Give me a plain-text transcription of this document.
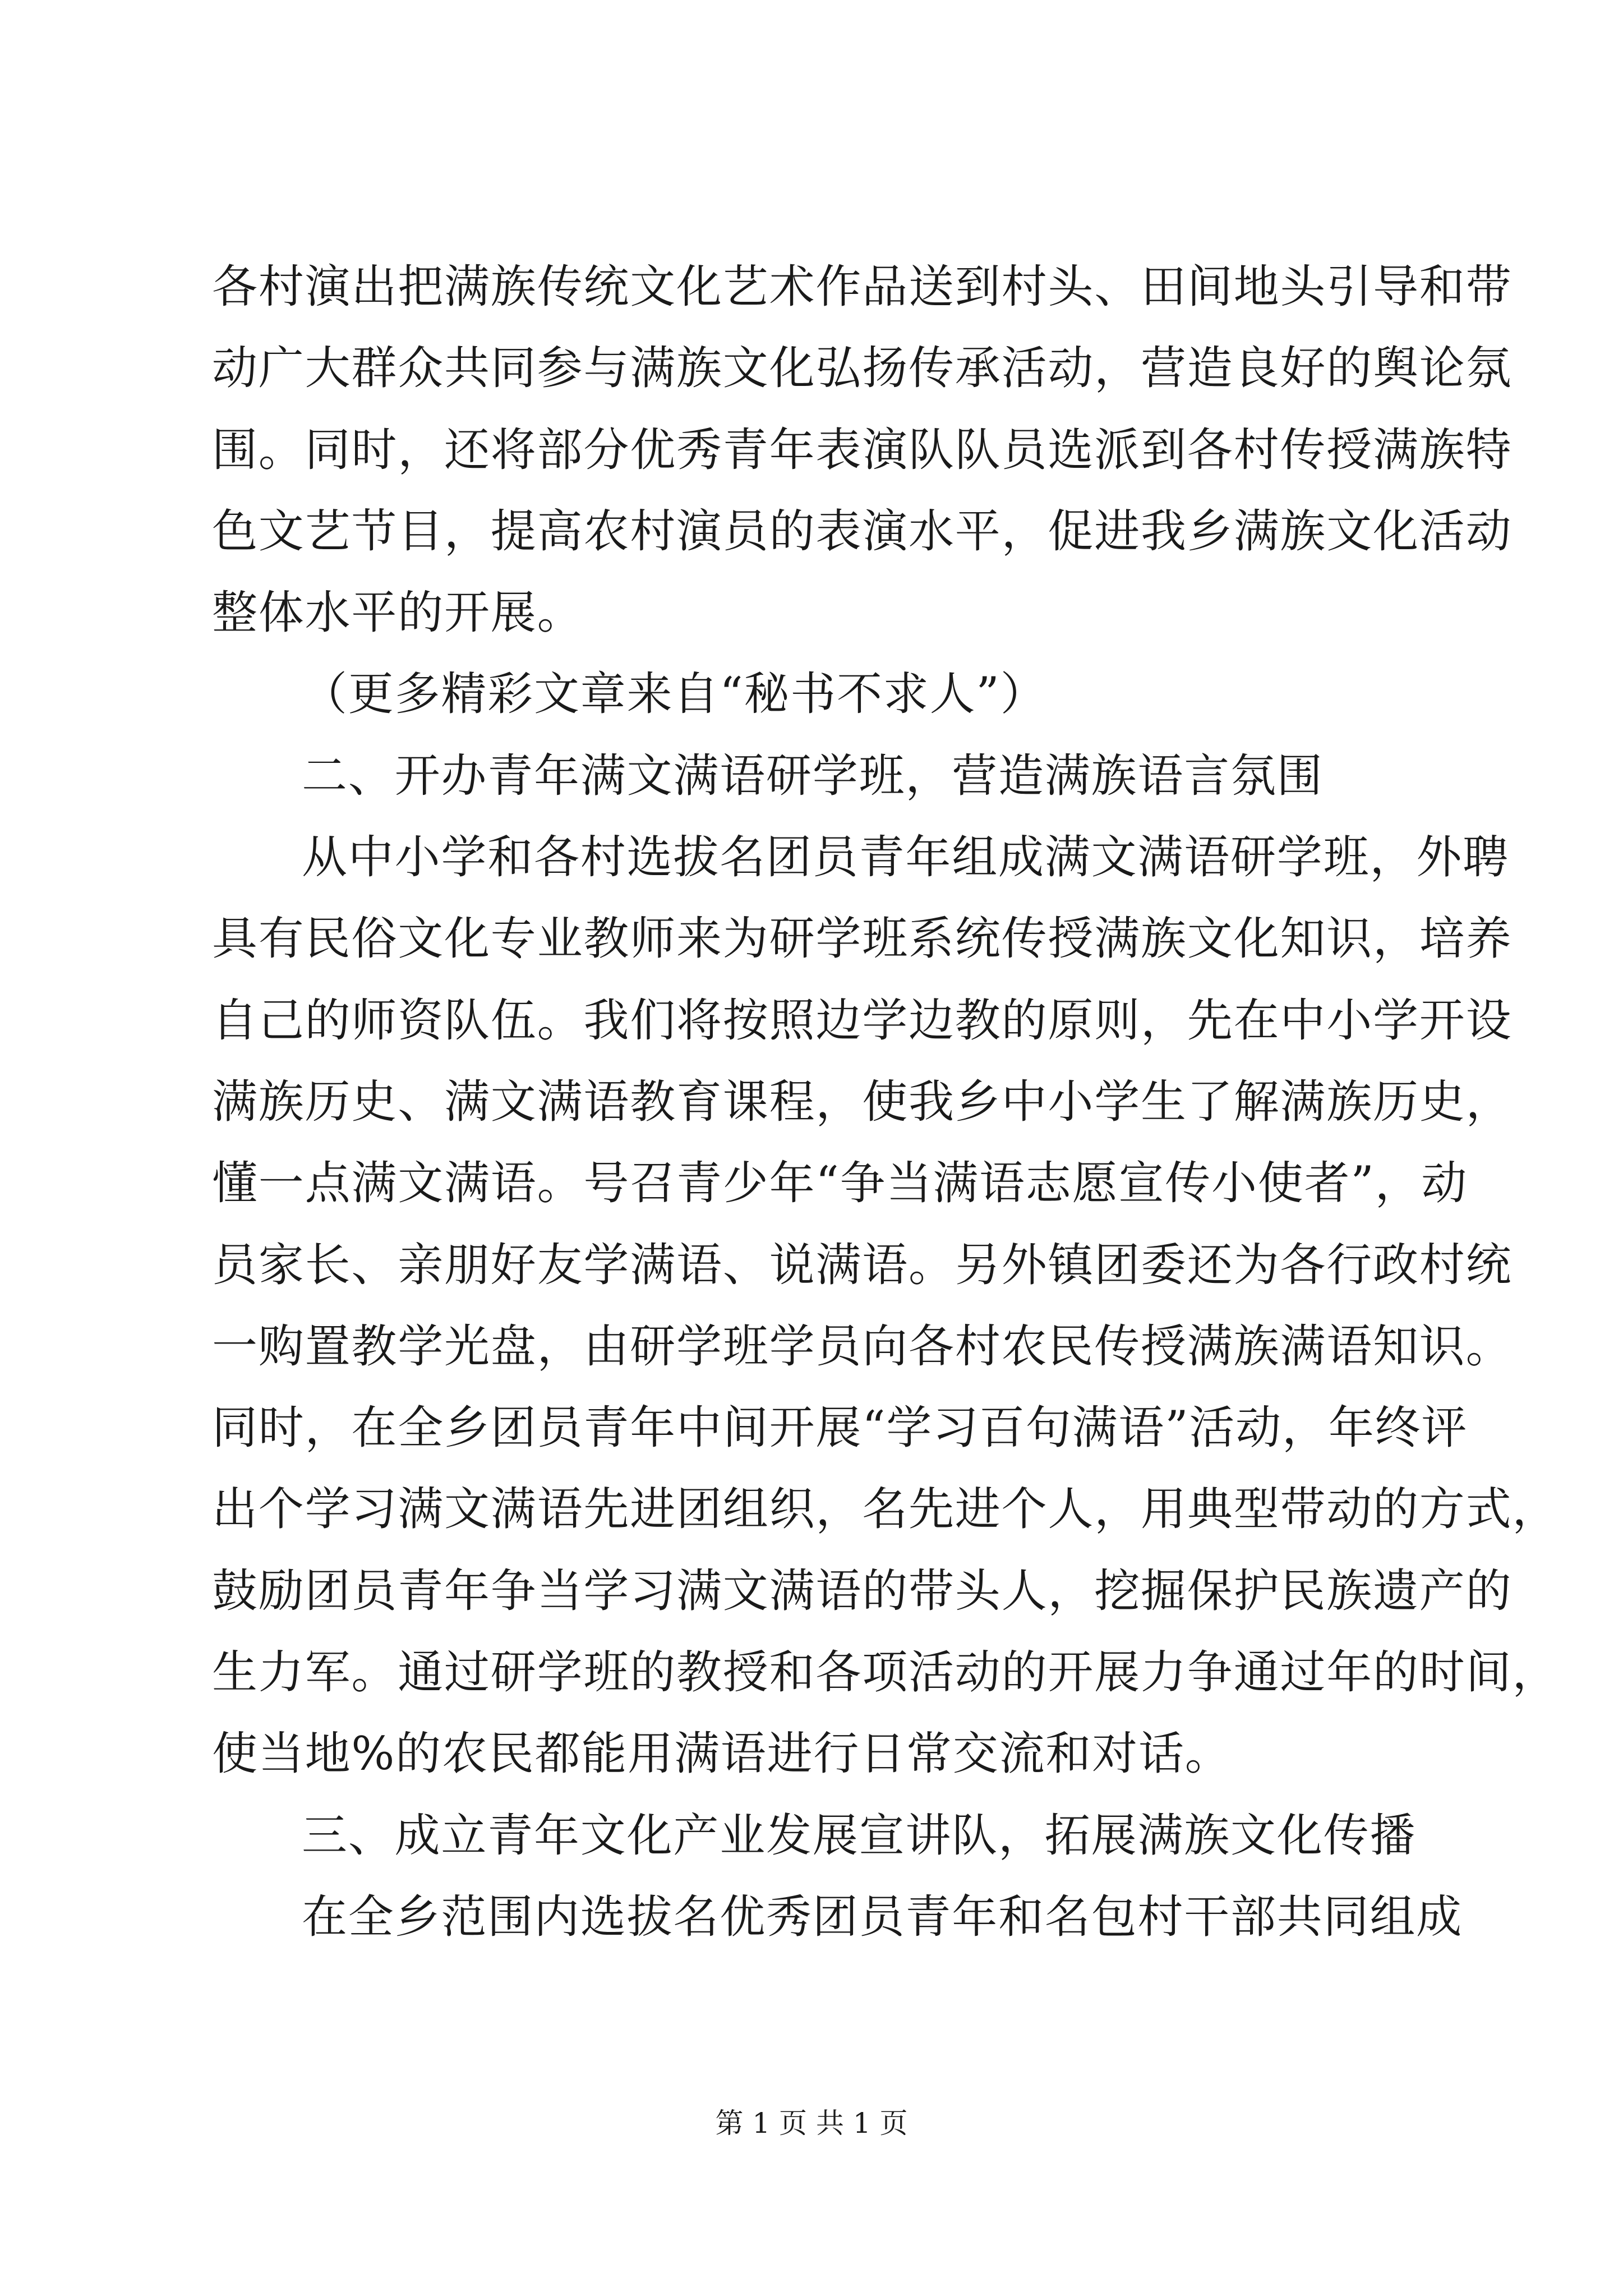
各村演出把满族传统文化艺术作品送到村头、田间地头引导和带
动广大群众共同参与满族文化弘扬传承活动，营造良好的舆论氛
围。同时，还将部分优秀青年表演队队员选派到各村传授满族特
色文艺节目，提高农村演员的表演水平，促进我乡满族文化活动
整体水平的开展。
（更多精彩文章来自“秘书不求人”）
二、开办青年满文满语研学班，营造满族语言氛围
从中小学和各村选拔名团员青年组成满文满语研学班，外聘
具有民俗文化专业教师来为研学班系统传授满族文化知识，培养
自己的师资队伍。我们将按照边学边教的原则，先在中小学开设
满族历史、满文满语教育课程，使我乡中小学生了解满族历史，
懂一点满文满语。号召青少年“争当满语志愿宣传小使者”，动
员家长、亲朋好友学满语、说满语。另外镇团委还为各行政村统
一购置教学光盘，由研学班学员向各村农民传授满族满语知识。
同时，在全乡团员青年中间开展“学习百句满语”活动，年终评
出个学习满文满语先进团组织，名先进个人，用典型带动的方式，
鼓励团员青年争当学习满文满语的带头人，挖掘保护民族遗产的
生力军。通过研学班的教授和各项活动的开展力争通过年的时间，
使当地%的农民都能用满语进行日常交流和对话。
三、成立青年文化产业发展宣讲队，拓展满族文化传播
在全乡范围内选拔名优秀团员青年和名包村干部共同组成
第 1 页 共 1 页
